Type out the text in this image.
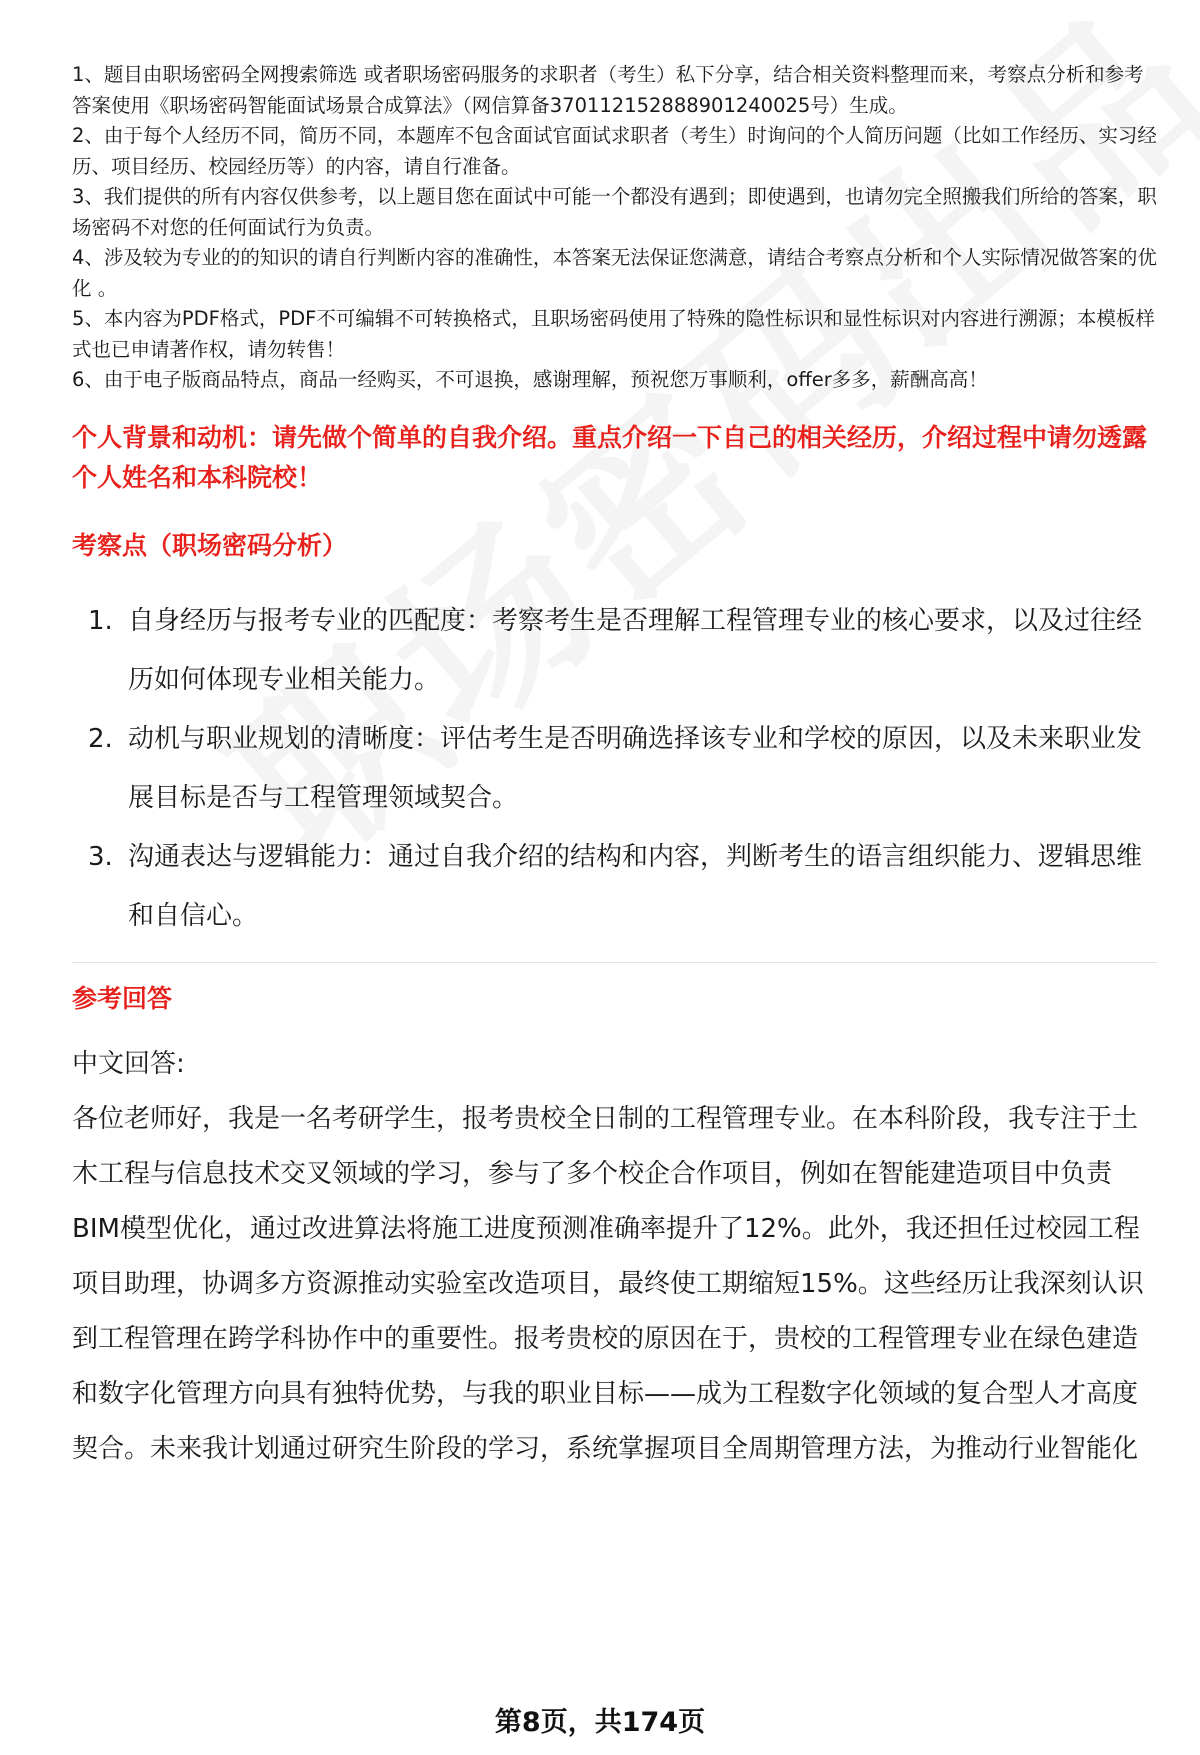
1、题目由职场密码全网搜索筛选 或者职场密码服务的求职者（考生）私下分享，结合相关资料整理而来，考察点分析和参考答案使用《职场密码智能面试场景合成算法》（网信算备370112152888901240025号）生成。

2、由于每个人经历不同，简历不同，本题库不包含面试官面试求职者（考生）时询问的个人简历问题（比如工作经历、实习经历、项目经历、校园经历等）的内容，请自行准备。

3、我们提供的所有内容仅供参考，以上题目您在面试中可能一个都没有遇到；即使遇到，也请勿完全照搬我们所给的答案，职场密码不对您的任何面试行为负责。

4、涉及较为专业的的知识的请自行判断内容的准确性，本答案无法保证您满意，请结合考察点分析和个人实际情况做答案的优化 。

5、本内容为PDF格式，PDF不可编辑不可转换格式，且职场密码使用了特殊的隐性标识和显性标识对内容进行溯源；本模板样式也已申请著作权，请勿转售！

6、由于电子版商品特点，商品一经购买，不可退换，感谢理解，预祝您万事顺利，offer多多，薪酬高高！

个人背景和动机：请先做个简单的自我介绍。重点介绍一下自己的相关经历，介绍过程中请勿透露个人姓名和本科院校！
考察点（职场密码分析）
1. 自身经历与报考专业的匹配度：考察考生是否理解工程管理专业的核心要求，以及过往经历如何体现专业相关能力。
2. 动机与职业规划的清晰度：评估考生是否明确选择该专业和学校的原因，以及未来职业发展目标是否与工程管理领域契合。
3. 沟通表达与逻辑能力：通过自我介绍的结构和内容，判断考生的语言组织能力、逻辑思维和自信心。
参考回答

中文回答:

各位老师好，我是一名考研学生，报考贵校全日制的工程管理专业。在本科阶段，我专注于土木工程与信息技术交叉领域的学习，参与了多个校企合作项目，例如在智能建造项目中负责BIM模型优化，通过改进算法将施工进度预测准确率提升了12%。此外，我还担任过校园工程项目助理，协调多方资源推动实验室改造项目，最终使工期缩短15%。这些经历让我深刻认识到工程管理在跨学科协作中的重要性。报考贵校的原因在于，贵校的工程管理专业在绿色建造和数字化管理方向具有独特优势，与我的职业目标——成为工程数字化领域的复合型人才高度契合。未来我计划通过研究生阶段的学习，系统掌握项目全周期管理方法，为推动行业智能化

第8页，共174页
